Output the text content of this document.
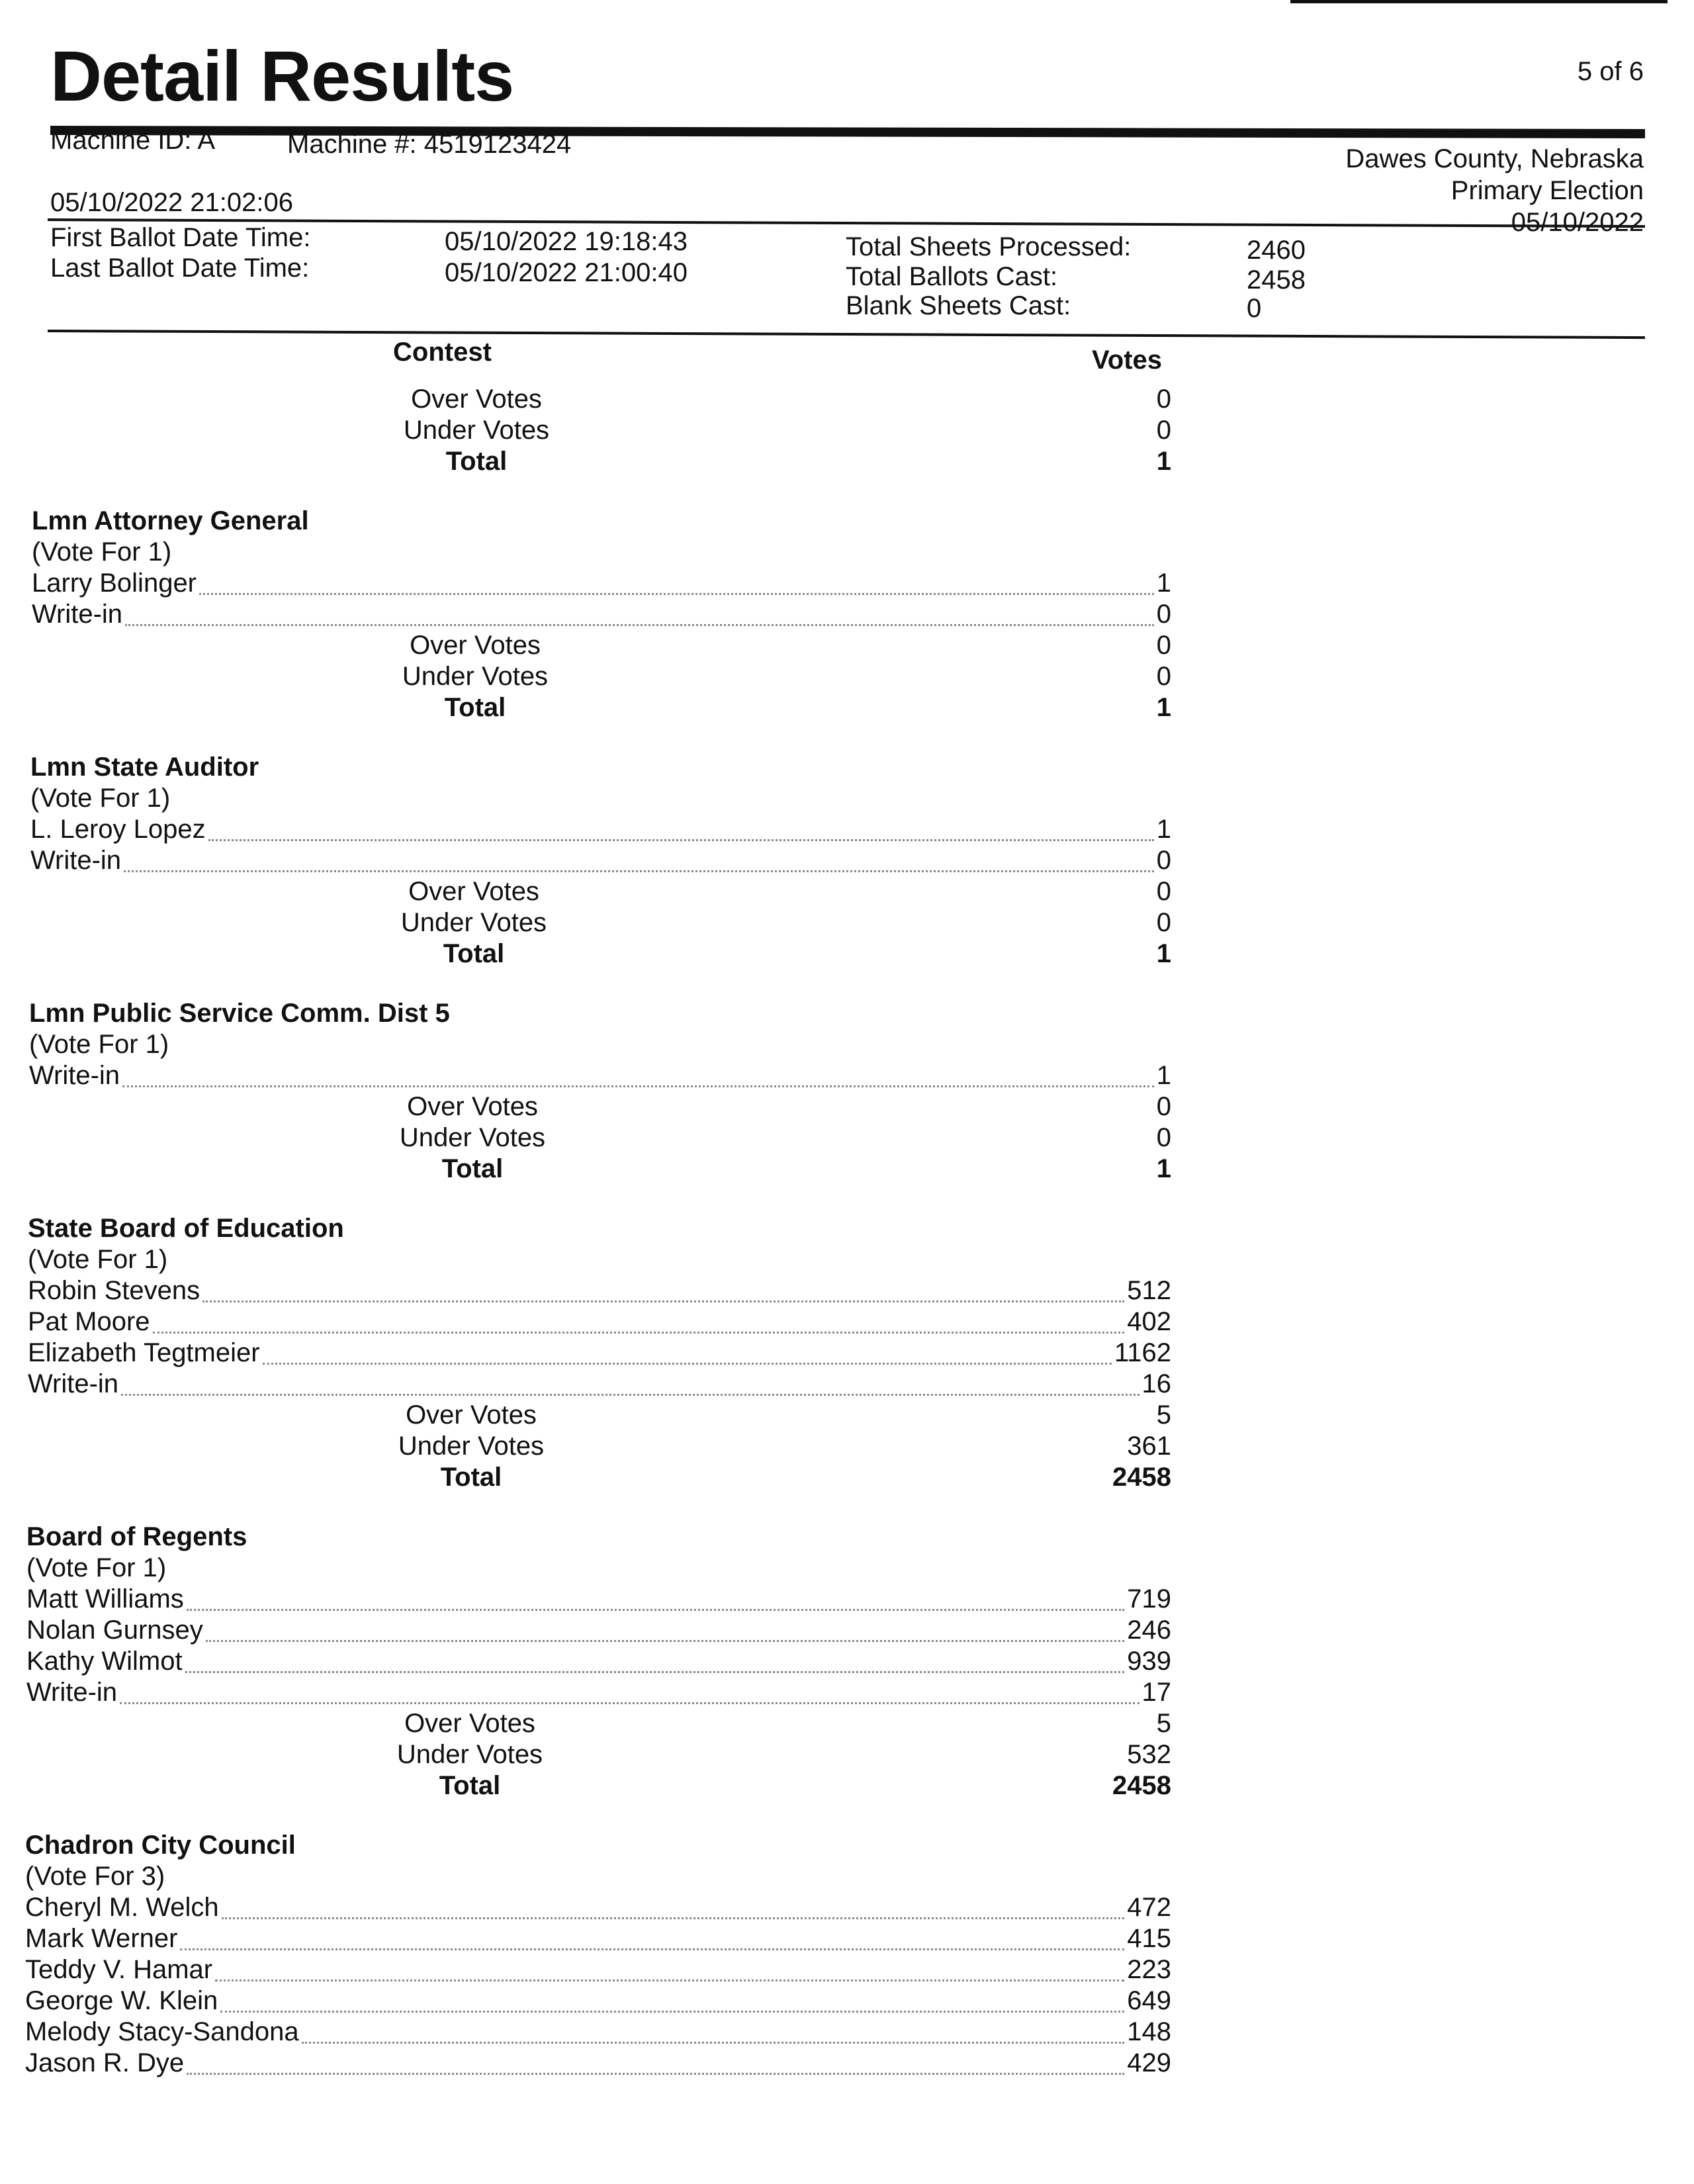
Detail Results	5 of 6
Machine ID: A	Machine #: 4519123424	Dawes County, Nebraska
Primary Election
05/10/2022
05/10/2022 21:02:06
First Ballot Date Time:	05/10/2022 19:18:43
Last Ballot Date Time:	05/10/2022 21:00:40
Total Sheets Processed:	2460
Total Ballots Cast:	2458
Blank Sheets Cast:	0
Contest	Votes
Over Votes	0
Under Votes	0
Total	1
Lmn Attorney General
(Vote For 1)
Larry Bolinger	1
Write-in	0
Over Votes	0
Under Votes	0
Total	1
Lmn State Auditor
(Vote For 1)
L. Leroy Lopez	1
Write-in	0
Over Votes	0
Under Votes	0
Total	1
Lmn Public Service Comm. Dist 5
(Vote For 1)
Write-in	1
Over Votes	0
Under Votes	0
Total	1
State Board of Education
(Vote For 1)
Robin Stevens	512
Pat Moore	402
Elizabeth Tegtmeier	1162
Write-in	16
Over Votes	5
Under Votes	361
Total	2458
Board of Regents
(Vote For 1)
Matt Williams	719
Nolan Gurnsey	246
Kathy Wilmot	939
Write-in	17
Over Votes	5
Under Votes	532
Total	2458
Chadron City Council
(Vote For 3)
Cheryl M. Welch	472
Mark Werner	415
Teddy V. Hamar	223
George W. Klein	649
Melody Stacy-Sandona	148
Jason R. Dye	429
